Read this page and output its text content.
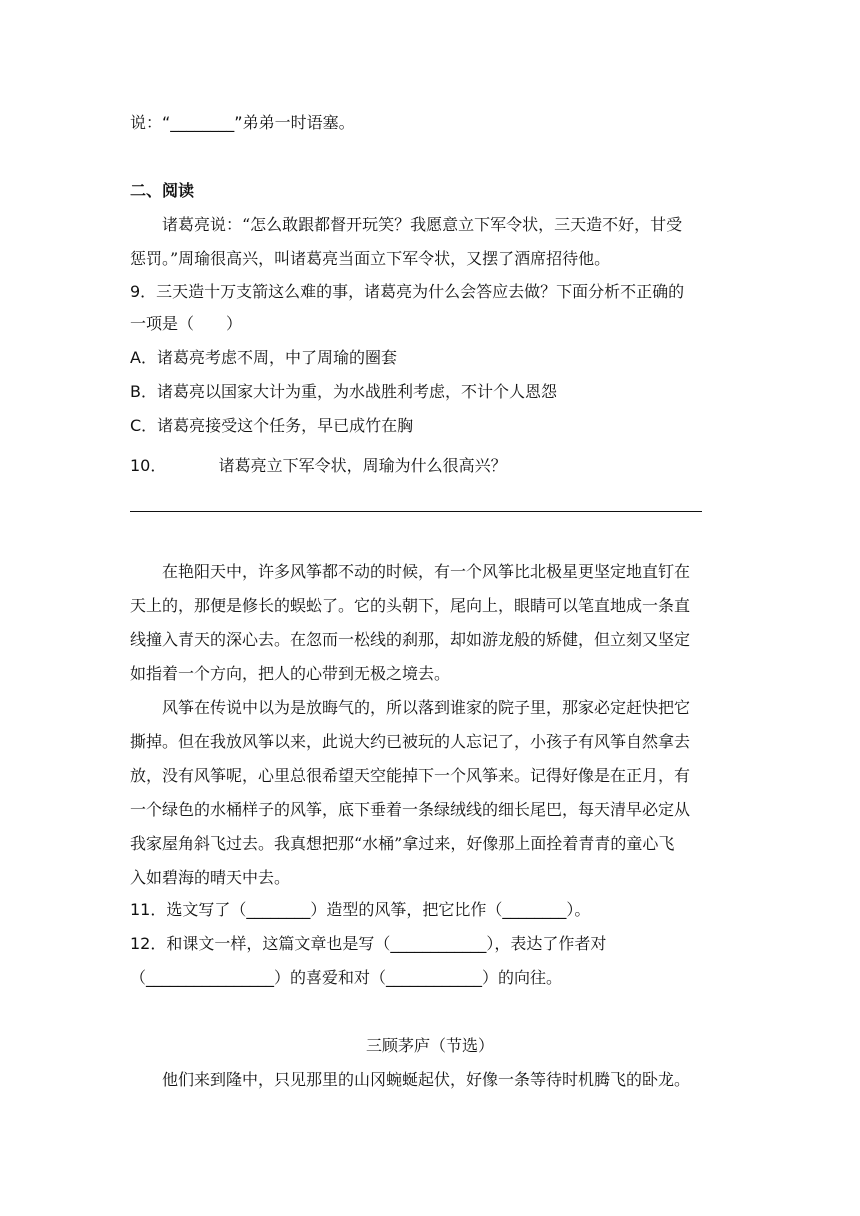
说：“________”弟弟一时语塞。
二、阅读

诸葛亮说：“怎么敢跟都督开玩笑？我愿意立下军令状，三天造不好，甘受

惩罚。”周瑜很高兴，叫诸葛亮当面立下军令状，又摆了酒席招待他。

9．三天造十万支箭这么难的事，诸葛亮为什么会答应去做？下面分析不正确的
一项是（　　）
A．诸葛亮考虑不周，中了周瑜的圈套
B．诸葛亮以国家大计为重，为水战胜利考虑，不计个人恩怨
C．诸葛亮接受这个任务，早已成竹在胸
10．	诸葛亮立下军令状，周瑜为什么很高兴？

在艳阳天中，许多风筝都不动的时候，有一个风筝比北极星更坚定地直钉在

天上的，那便是修长的蜈蚣了。它的头朝下，尾向上，眼睛可以笔直地成一条直

线撞入青天的深心去。在忽而一松线的刹那，却如游龙般的矫健，但立刻又坚定

如指着一个方向，把人的心带到无极之境去。

风筝在传说中以为是放晦气的，所以落到谁家的院子里，那家必定赶快把它

撕掉。但在我放风筝以来，此说大约已被玩的人忘记了，小孩子有风筝自然拿去

放，没有风筝呢，心里总很希望天空能掉下一个风筝来。记得好像是在正月，有

一个绿色的水桶样子的风筝，底下垂着一条绿绒线的细长尾巴，每天清早必定从

我家屋角斜飞过去。我真想把那“水桶”拿过来，好像那上面拴着青青的童心飞

入如碧海的晴天中去。

11．选文写了（________）造型的风筝，把它比作（________）。
12．和课文一样，这篇文章也是写（____________），表达了作者对
（________________）的喜爱和对（____________）的向往。
三顾茅庐（节选）
他们来到隆中，只见那里的山冈蜿蜒起伏，好像一条等待时机腾飞的卧龙。
